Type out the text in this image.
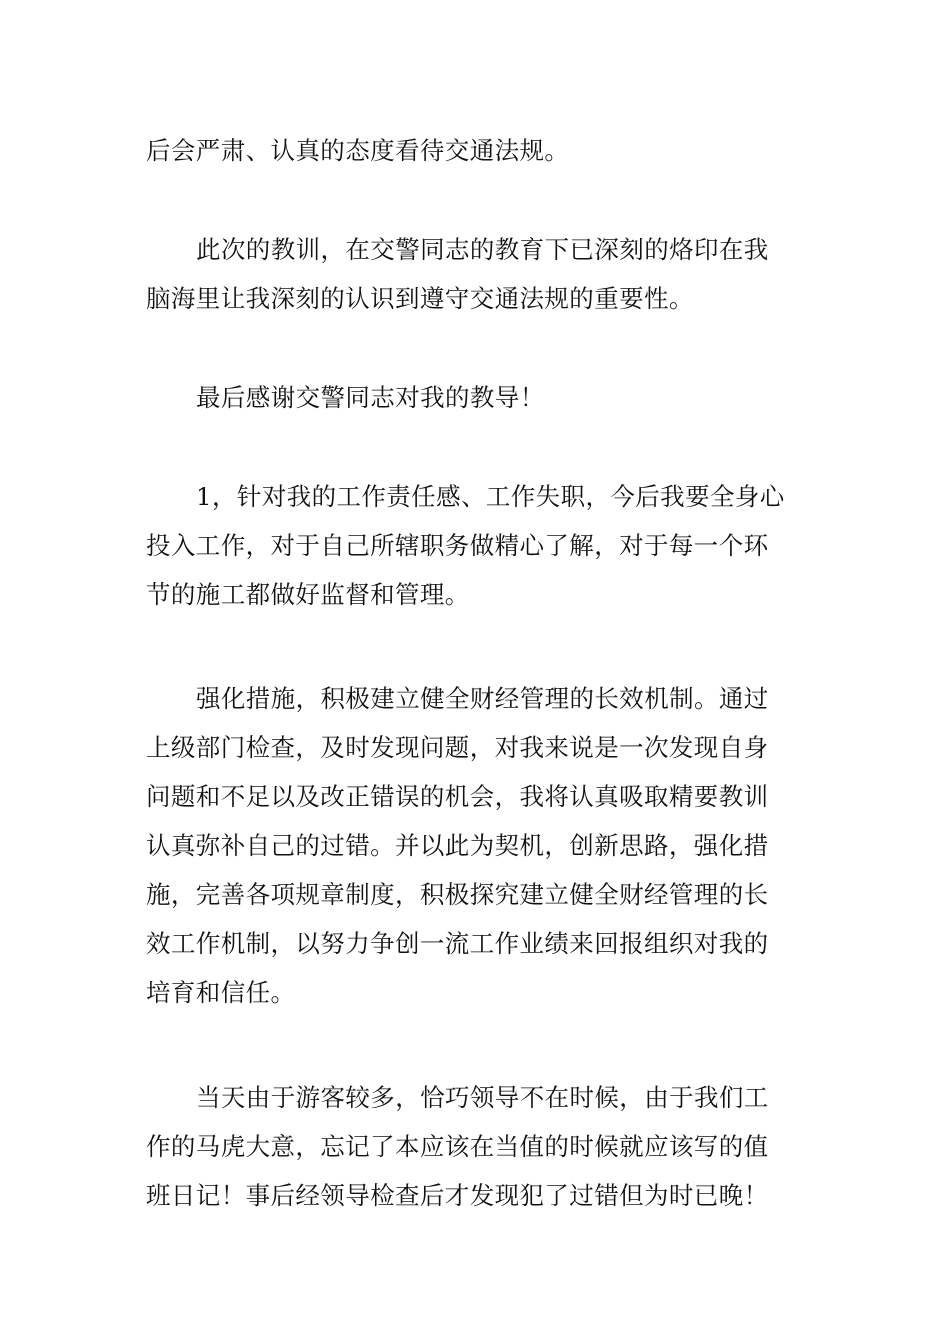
后会严肃、认真的态度看待交通法规。
此次的教训，在交警同志的教育下已深刻的烙印在我
脑海里让我深刻的认识到遵守交通法规的重要性。
最后感谢交警同志对我的教导！
1，针对我的工作责任感、工作失职，今后我要全身心
投入工作，对于自己所辖职务做精心了解，对于每一个环
节的施工都做好监督和管理。
强化措施，积极建立健全财经管理的长效机制。通过
上级部门检查，及时发现问题，对我来说是一次发现自身
问题和不足以及改正错误的机会，我将认真吸取精要教训
认真弥补自己的过错。并以此为契机，创新思路，强化措
施，完善各项规章制度，积极探究建立健全财经管理的长
效工作机制，以努力争创一流工作业绩来回报组织对我的
培育和信任。
当天由于游客较多，恰巧领导不在时候，由于我们工
作的马虎大意，忘记了本应该在当值的时候就应该写的值
班日记！事后经领导检查后才发现犯了过错但为时已晚！
